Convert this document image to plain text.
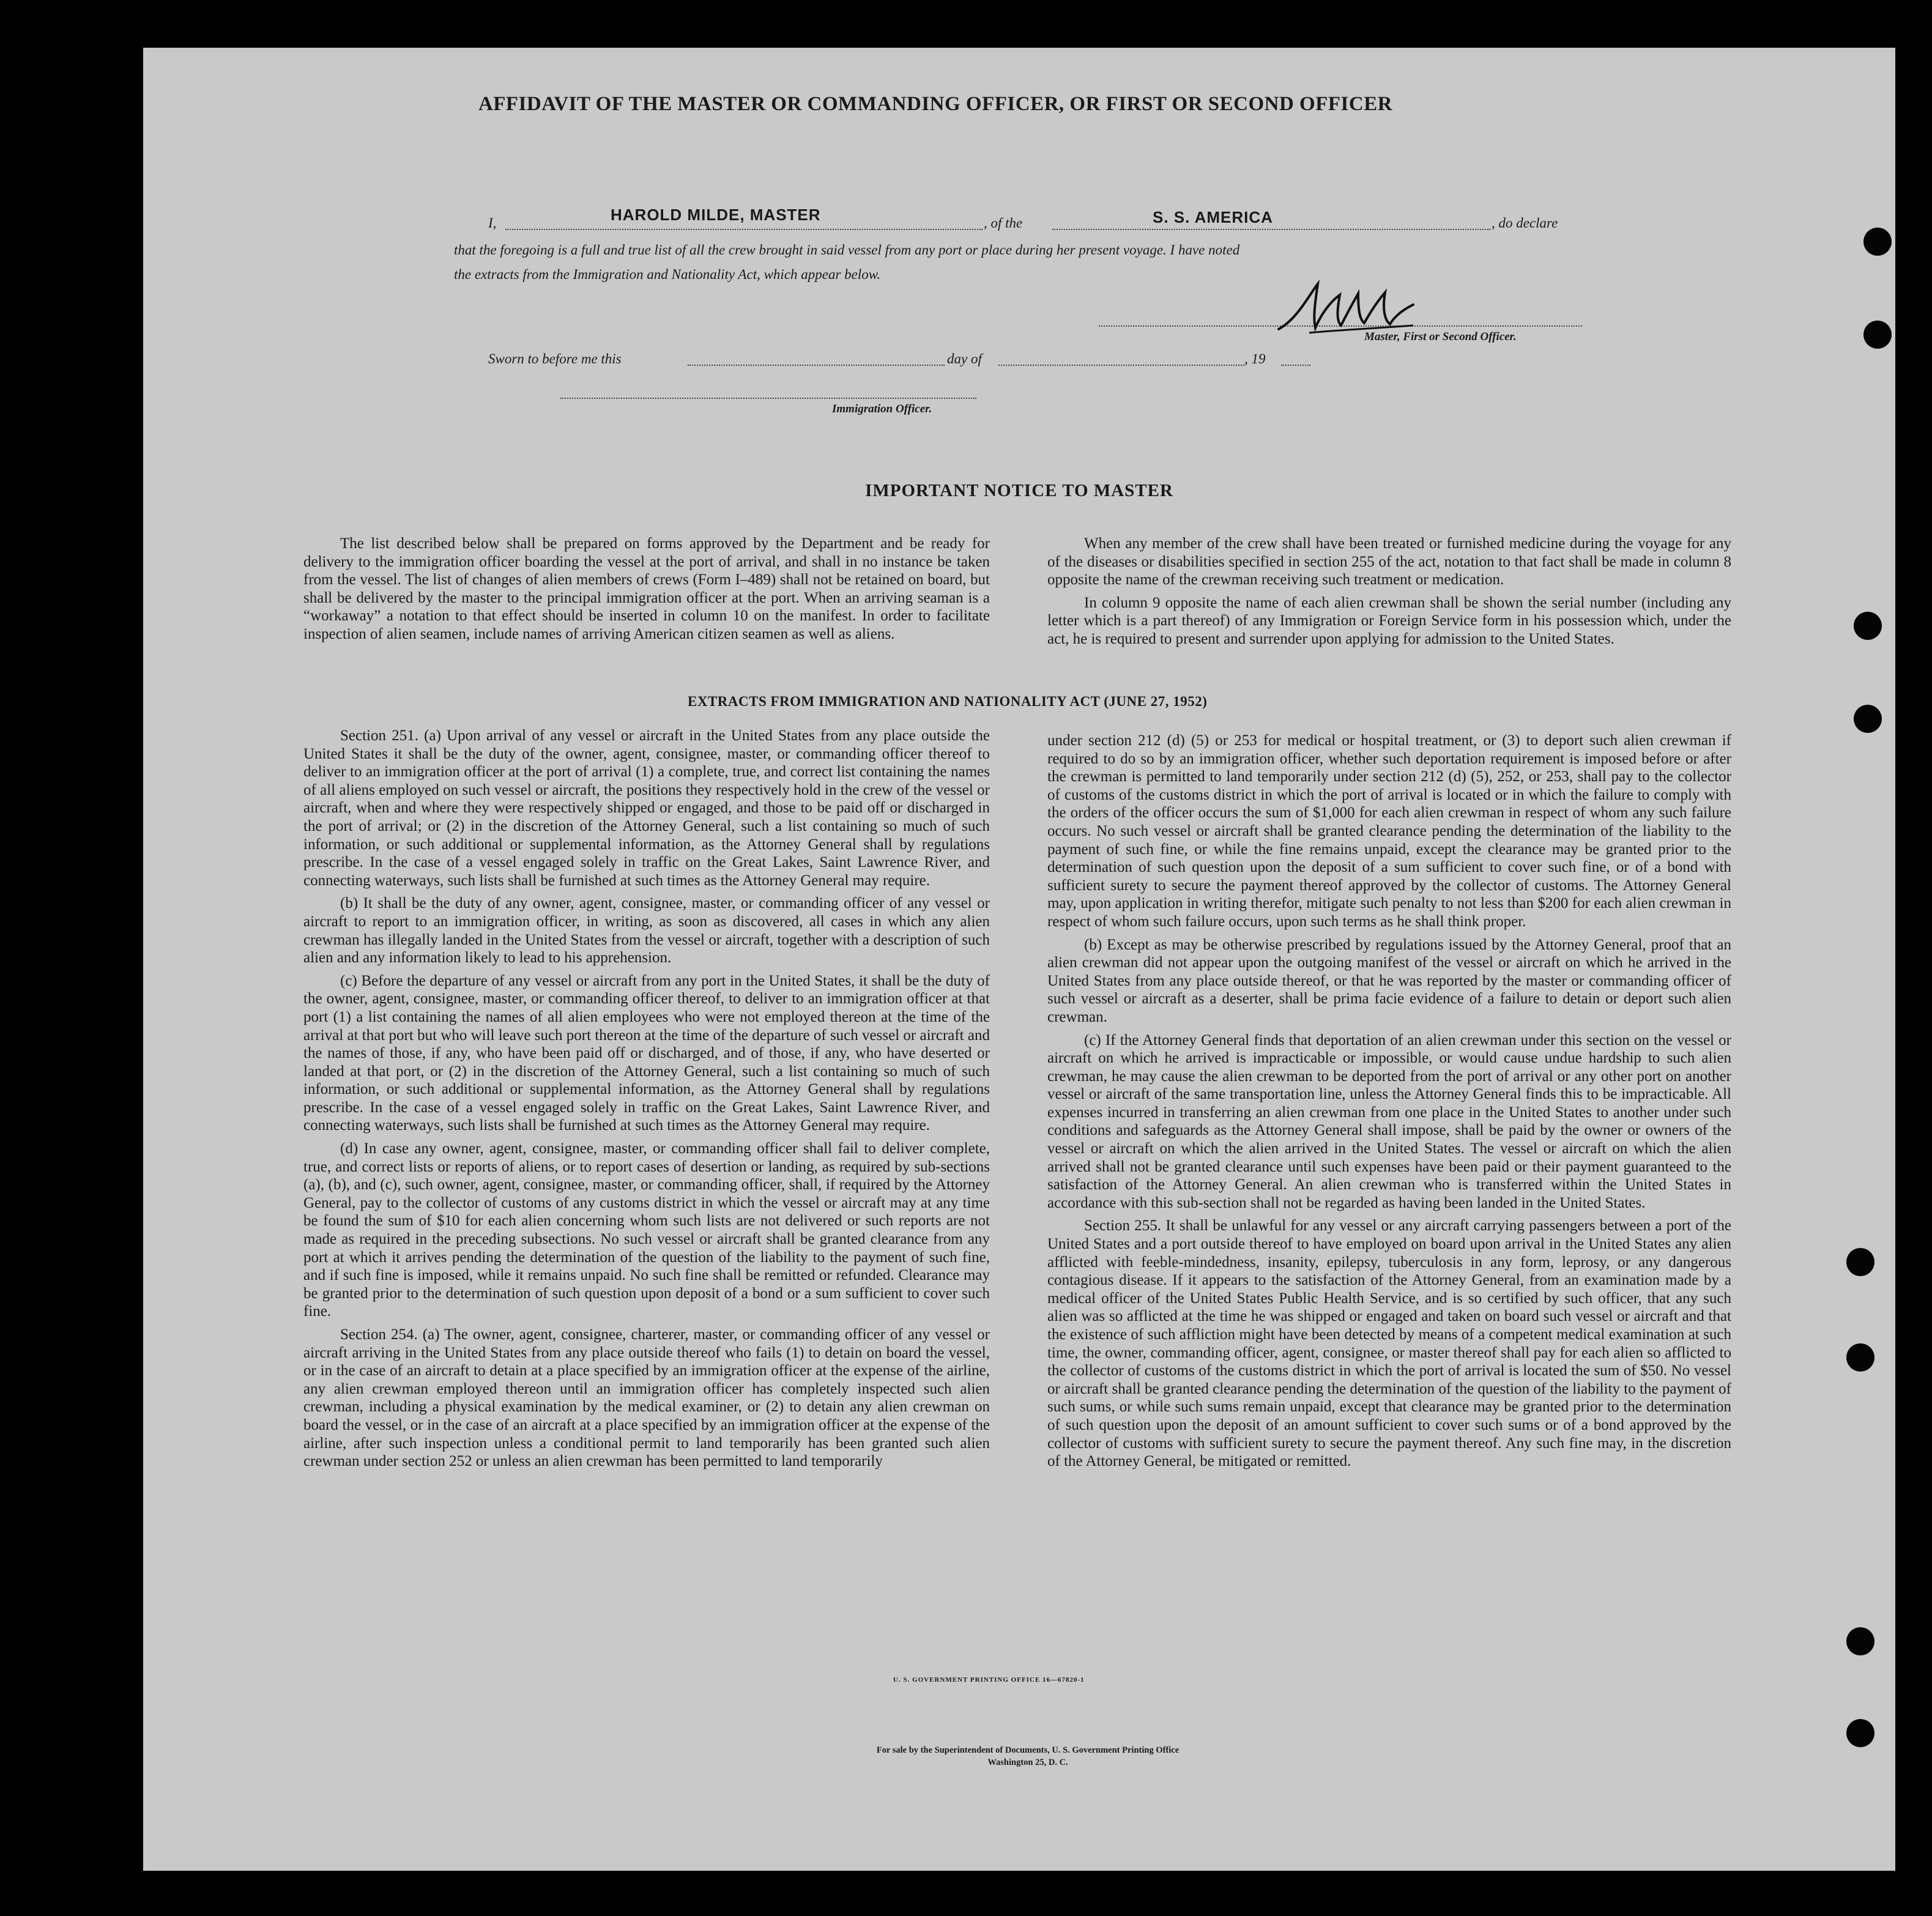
AFFIDAVIT OF THE MASTER OR COMMANDING OFFICER, OR FIRST OR SECOND OFFICER
I,	HAROLD MILDE, MASTER	, of the	S. S. AMERICA	, do declare
that the foregoing is a full and true list of all the crew brought in said vessel from any port or place during her present voyage. I have noted
the extracts from the Immigration and Nationality Act, which appear below.
Master, First or Second Officer.
Sworn to before me this	day of	, 19
Immigration Officer.
IMPORTANT NOTICE TO MASTER

The list described below shall be prepared on forms approved by the Department and be ready for delivery to the immigration officer boarding the vessel at the port of arrival, and shall in no instance be taken from the vessel. The list of changes of alien members of crews (Form I–489) shall not be retained on board, but shall be delivered by the master to the principal immigration officer at the port. When an arriving seaman is a “workaway” a notation to that effect should be inserted in column 10 on the manifest. In order to facilitate inspection of alien seamen, include names of arriving American citizen seamen as well as aliens.

When any member of the crew shall have been treated or furnished medicine during the voyage for any of the diseases or disabilities specified in section 255 of the act, notation to that fact shall be made in column 8 opposite the name of the crewman receiving such treatment or medication.

In column 9 opposite the name of each alien crewman shall be shown the serial number (including any letter which is a part thereof) of any Immigration or Foreign Service form in his possession which, under the act, he is required to present and surrender upon applying for admission to the United States.

EXTRACTS FROM IMMIGRATION AND NATIONALITY ACT (JUNE 27, 1952)

Section 251. (a) Upon arrival of any vessel or aircraft in the United States from any place outside the United States it shall be the duty of the owner, agent, consignee, master, or commanding officer thereof to deliver to an immigration officer at the port of arrival (1) a complete, true, and correct list containing the names of all aliens employed on such vessel or aircraft, the positions they respectively hold in the crew of the vessel or aircraft, when and where they were respectively shipped or engaged, and those to be paid off or discharged in the port of arrival; or (2) in the discretion of the Attorney General, such a list containing so much of such information, or such additional or supplemental information, as the Attorney General shall by regulations prescribe. In the case of a vessel engaged solely in traffic on the Great Lakes, Saint Lawrence River, and connecting waterways, such lists shall be furnished at such times as the Attorney General may require.

(b) It shall be the duty of any owner, agent, consignee, master, or commanding officer of any vessel or aircraft to report to an immigration officer, in writing, as soon as discovered, all cases in which any alien crewman has illegally landed in the United States from the vessel or aircraft, together with a description of such alien and any information likely to lead to his apprehension.

(c) Before the departure of any vessel or aircraft from any port in the United States, it shall be the duty of the owner, agent, consignee, master, or commanding officer thereof, to deliver to an immigration officer at that port (1) a list containing the names of all alien employees who were not employed thereon at the time of the arrival at that port but who will leave such port thereon at the time of the departure of such vessel or aircraft and the names of those, if any, who have been paid off or discharged, and of those, if any, who have deserted or landed at that port, or (2) in the discretion of the Attorney General, such a list containing so much of such information, or such additional or supplemental information, as the Attorney General shall by regulations prescribe. In the case of a vessel engaged solely in traffic on the Great Lakes, Saint Lawrence River, and connecting waterways, such lists shall be furnished at such times as the Attorney General may require.

(d) In case any owner, agent, consignee, master, or commanding officer shall fail to deliver complete, true, and correct lists or reports of aliens, or to report cases of desertion or landing, as required by sub-sections (a), (b), and (c), such owner, agent, consignee, master, or commanding officer, shall, if required by the Attorney General, pay to the collector of customs of any customs district in which the vessel or aircraft may at any time be found the sum of $10 for each alien concerning whom such lists are not delivered or such reports are not made as required in the preceding subsections. No such vessel or aircraft shall be granted clearance from any port at which it arrives pending the determination of the question of the liability to the payment of such fine, and if such fine is imposed, while it remains unpaid. No such fine shall be remitted or refunded. Clearance may be granted prior to the determination of such question upon deposit of a bond or a sum sufficient to cover such fine.

Section 254. (a) The owner, agent, consignee, charterer, master, or commanding officer of any vessel or aircraft arriving in the United States from any place outside thereof who fails (1) to detain on board the vessel, or in the case of an aircraft to detain at a place specified by an immigration officer at the expense of the airline, any alien crewman employed thereon until an immigration officer has completely inspected such alien crewman, including a physical examination by the medical examiner, or (2) to detain any alien crewman on board the vessel, or in the case of an aircraft at a place specified by an immigration officer at the expense of the airline, after such inspection unless a conditional permit to land temporarily has been granted such alien crewman under section 252 or unless an alien crewman has been permitted to land temporarily

under section 212 (d) (5) or 253 for medical or hospital treatment, or (3) to deport such alien crewman if required to do so by an immigration officer, whether such deportation requirement is imposed before or after the crewman is permitted to land temporarily under section 212 (d) (5), 252, or 253, shall pay to the collector of customs of the customs district in which the port of arrival is located or in which the failure to comply with the orders of the officer occurs the sum of $1,000 for each alien crewman in respect of whom any such failure occurs. No such vessel or aircraft shall be granted clearance pending the determination of the liability to the payment of such fine, or while the fine remains unpaid, except the clearance may be granted prior to the determination of such question upon the deposit of a sum sufficient to cover such fine, or of a bond with sufficient surety to secure the payment thereof approved by the collector of customs. The Attorney General may, upon application in writing therefor, mitigate such penalty to not less than $200 for each alien crewman in respect of whom such failure occurs, upon such terms as he shall think proper.

(b) Except as may be otherwise prescribed by regulations issued by the Attorney General, proof that an alien crewman did not appear upon the outgoing manifest of the vessel or aircraft on which he arrived in the United States from any place outside thereof, or that he was reported by the master or commanding officer of such vessel or aircraft as a deserter, shall be prima facie evidence of a failure to detain or deport such alien crewman.

(c) If the Attorney General finds that deportation of an alien crewman under this section on the vessel or aircraft on which he arrived is impracticable or impossible, or would cause undue hardship to such alien crewman, he may cause the alien crewman to be deported from the port of arrival or any other port on another vessel or aircraft of the same transportation line, unless the Attorney General finds this to be impracticable. All expenses incurred in transferring an alien crewman from one place in the United States to another under such conditions and safeguards as the Attorney General shall impose, shall be paid by the owner or owners of the vessel or aircraft on which the alien arrived in the United States. The vessel or aircraft on which the alien arrived shall not be granted clearance until such expenses have been paid or their payment guaranteed to the satisfaction of the Attorney General. An alien crewman who is transferred within the United States in accordance with this sub-section shall not be regarded as having been landed in the United States.

Section 255. It shall be unlawful for any vessel or any aircraft carrying passengers between a port of the United States and a port outside thereof to have employed on board upon arrival in the United States any alien afflicted with feeble-mindedness, insanity, epilepsy, tuberculosis in any form, leprosy, or any dangerous contagious disease. If it appears to the satisfaction of the Attorney General, from an examination made by a medical officer of the United States Public Health Service, and is so certified by such officer, that any such alien was so afflicted at the time he was shipped or engaged and taken on board such vessel or aircraft and that the existence of such affliction might have been detected by means of a competent medical examination at such time, the owner, commanding officer, agent, consignee, or master thereof shall pay for each alien so afflicted to the collector of customs of the customs district in which the port of arrival is located the sum of $50. No vessel or aircraft shall be granted clearance pending the determination of the question of the liability to the payment of such sums, or while such sums remain unpaid, except that clearance may be granted prior to the determination of such question upon the deposit of an amount sufficient to cover such sums or of a bond approved by the collector of customs with sufficient surety to secure the payment thereof. Any such fine may, in the discretion of the Attorney General, be mitigated or remitted.

U. S. GOVERNMENT PRINTING OFFICE 16—67820-1
For sale by the Superintendent of Documents, U. S. Government Printing Office
Washington 25, D. C.
